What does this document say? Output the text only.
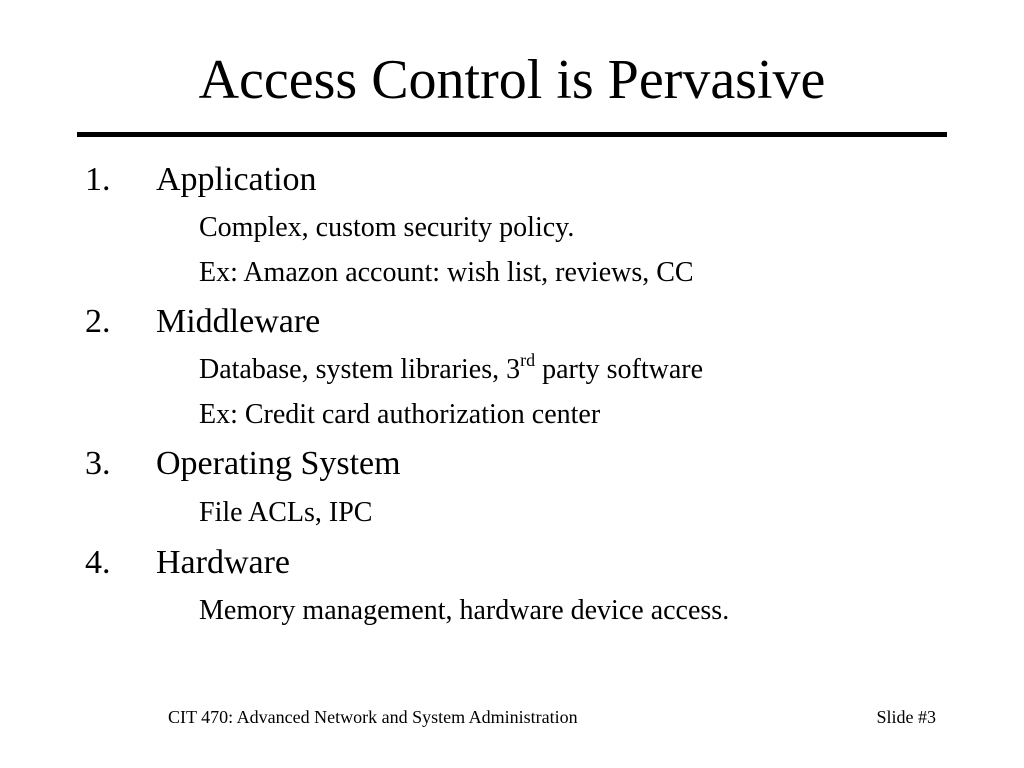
Access Control is Pervasive
1. Application
Complex, custom security policy.
Ex: Amazon account: wish list, reviews, CC
2. Middleware
Database, system libraries, 3rd party software
Ex: Credit card authorization center
3. Operating System
File ACLs, IPC
4. Hardware
Memory management, hardware device access.
CIT 470: Advanced Network and System Administration	Slide #3
